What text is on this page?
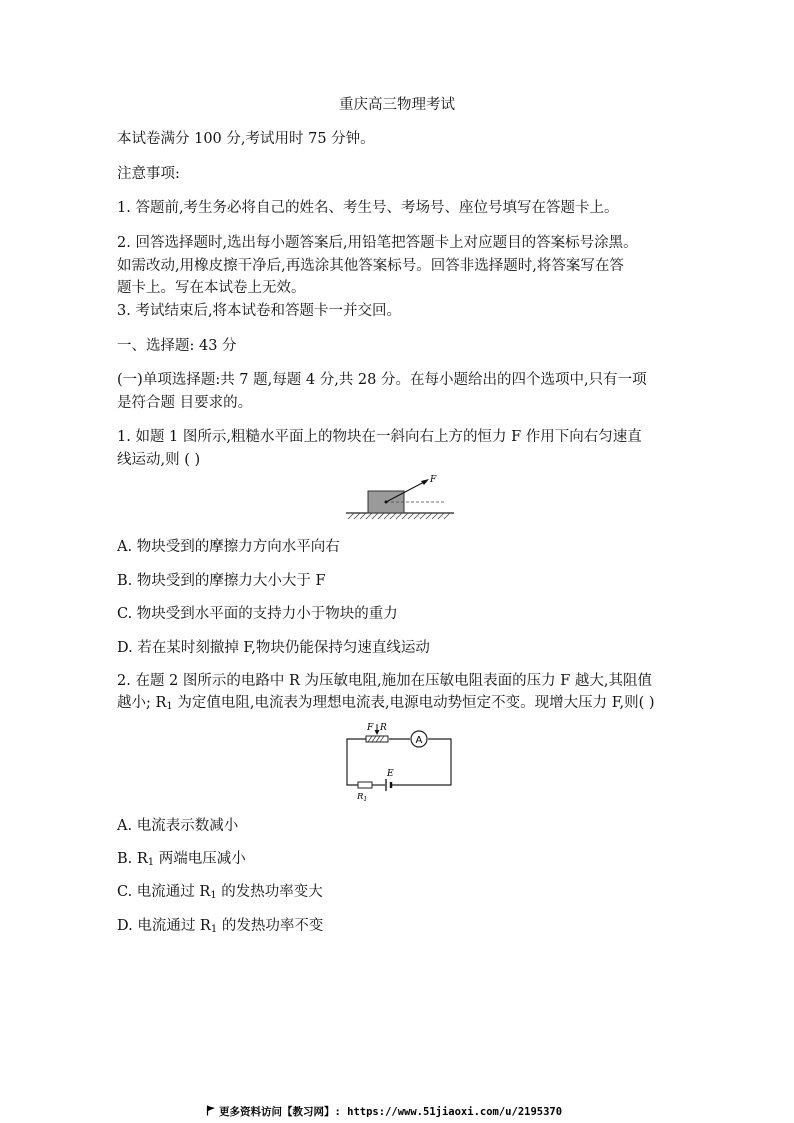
重庆高三物理考试
本试卷满分 100 分,考试用时 75 分钟。
注意事项:
1. 答题前,考生务必将自己的姓名、考生号、考场号、座位号填写在答题卡上。
2. 回答选择题时,选出每小题答案后,用铅笔把答题卡上对应题目的答案标号涂黑。
如需改动,用橡皮擦干净后,再选涂其他答案标号。回答非选择题时,将答案写在答
题卡上。写在本试卷上无效。
3. 考试结束后,将本试卷和答题卡一并交回。
一、选择题: 43 分
(一)单项选择题:共 7 题,每题 4 分,共 28 分。在每小题给出的四个选项中,只有一项
是符合题 目要求的。
1. 如题 1 图所示,粗糙水平面上的物块在一斜向右上方的恒力 F 作用下向右匀速直
线运动,则 ( )
F
A. 物块受到的摩擦力方向水平向右
B. 物块受到的摩擦力大小大于 F
C. 物块受到水平面的支持力小于物块的重力
D. 若在某时刻撤掉 F,物块仍能保持匀速直线运动
2. 在题 2 图所示的电路中 R 为压敏电阻,施加在压敏电阻表面的压力 F 越大,其阻值
越小; $R_1$ 为定值电阻,电流表为理想电流表,电源电动势恒定不变。现增大压力 F,则( )
F R
A
$R_1$
E
A. 电流表示数减小
B. $R_1$ 两端电压减小
C. 电流通过 $R_1$ 的发热功率变大
D. 电流通过 $R_1$ 的发热功率不变
更多资料访问【教习网】: https://www.51jiaoxi.com/u/2195370
